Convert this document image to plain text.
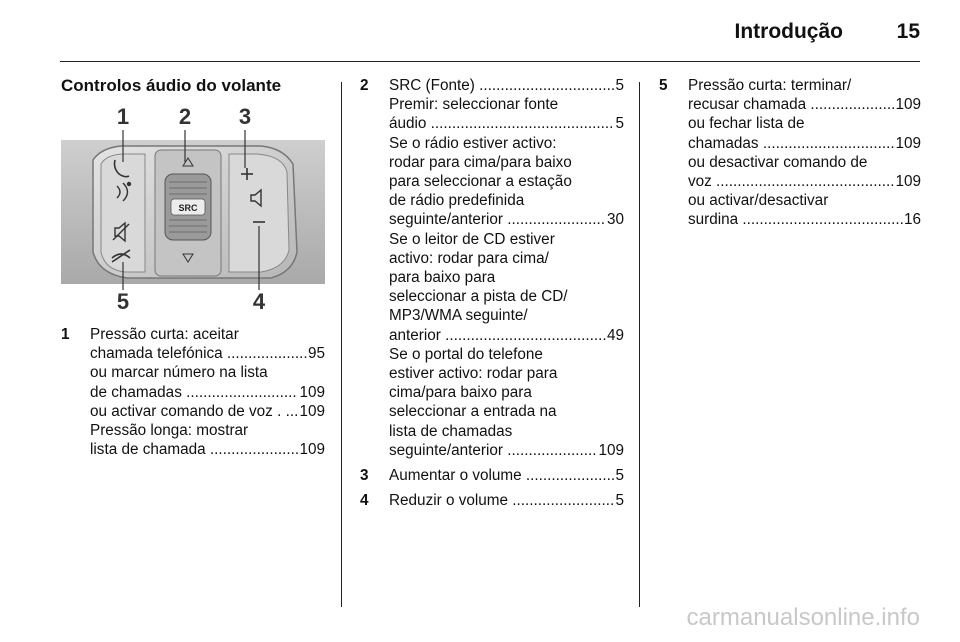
Introdução	15
Controlos áudio do volante
SRC
1 2 3
4
5
1	Pressão curta: aceitar
chamada telefónica .....	95
ou marcar número na lista
de chamadas .....	109
ou activar comando de voz . .....	109
Pressão longa: mostrar
lista de chamada .....	109
2	SRC (Fonte) .....	5
Premir: seleccionar fonte
áudio .....	5
Se o rádio estiver activo:
rodar para cima/para baixo
para seleccionar a estação
de rádio predefinida
seguinte/anterior .....	30
Se o leitor de CD estiver
activo: rodar para cima/
para baixo para
seleccionar a pista de CD/
MP3/WMA seguinte/
anterior .....	49
Se o portal do telefone
estiver activo: rodar para
cima/para baixo para
seleccionar a entrada na
lista de chamadas
seguinte/anterior .....	109
3	Aumentar o volume .....	5
4	Reduzir o volume .....	5
5	Pressão curta: terminar/
recusar chamada .....	109
ou fechar lista de
chamadas .....	109
ou desactivar comando de
voz .....	109
ou activar/desactivar
surdina .....	16
carmanualsonline.info
